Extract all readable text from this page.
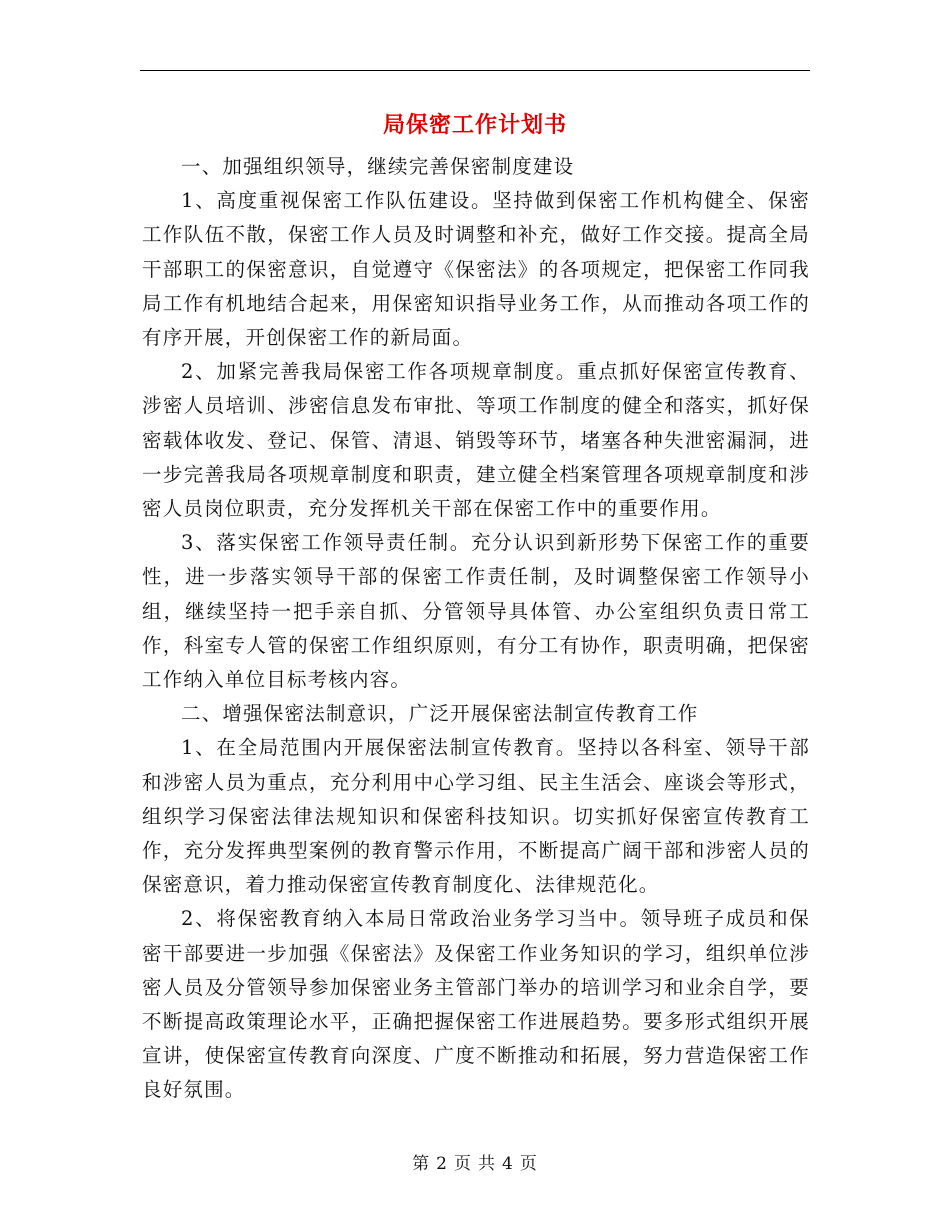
局保密工作计划书

一、加强组织领导，继续完善保密制度建设

1、高度重视保密工作队伍建设。坚持做到保密工作机构健全、保密工作队伍不散，保密工作人员及时调整和补充，做好工作交接。提高全局干部职工的保密意识，自觉遵守《保密法》的各项规定，把保密工作同我局工作有机地结合起来，用保密知识指导业务工作，从而推动各项工作的有序开展，开创保密工作的新局面。

2、加紧完善我局保密工作各项规章制度。重点抓好保密宣传教育、涉密人员培训、涉密信息发布审批、等项工作制度的健全和落实，抓好保密载体收发、登记、保管、清退、销毁等环节，堵塞各种失泄密漏洞，进一步完善我局各项规章制度和职责，建立健全档案管理各项规章制度和涉密人员岗位职责，充分发挥机关干部在保密工作中的重要作用。

3、落实保密工作领导责任制。充分认识到新形势下保密工作的重要性，进一步落实领导干部的保密工作责任制，及时调整保密工作领导小组，继续坚持一把手亲自抓、分管领导具体管、办公室组织负责日常工作，科室专人管的保密工作组织原则，有分工有协作，职责明确，把保密工作纳入单位目标考核内容。

二、增强保密法制意识，广泛开展保密法制宣传教育工作

1、在全局范围内开展保密法制宣传教育。坚持以各科室、领导干部和涉密人员为重点，充分利用中心学习组、民主生活会、座谈会等形式，组织学习保密法律法规知识和保密科技知识。切实抓好保密宣传教育工作，充分发挥典型案例的教育警示作用，不断提高广阔干部和涉密人员的保密意识，着力推动保密宣传教育制度化、法律规范化。

2、将保密教育纳入本局日常政治业务学习当中。领导班子成员和保密干部要进一步加强《保密法》及保密工作业务知识的学习，组织单位涉密人员及分管领导参加保密业务主管部门举办的培训学习和业余自学，要不断提高政策理论水平，正确把握保密工作进展趋势。要多形式组织开展宣讲，使保密宣传教育向深度、广度不断推动和拓展，努力营造保密工作良好氛围。

第 2 页 共 4 页
